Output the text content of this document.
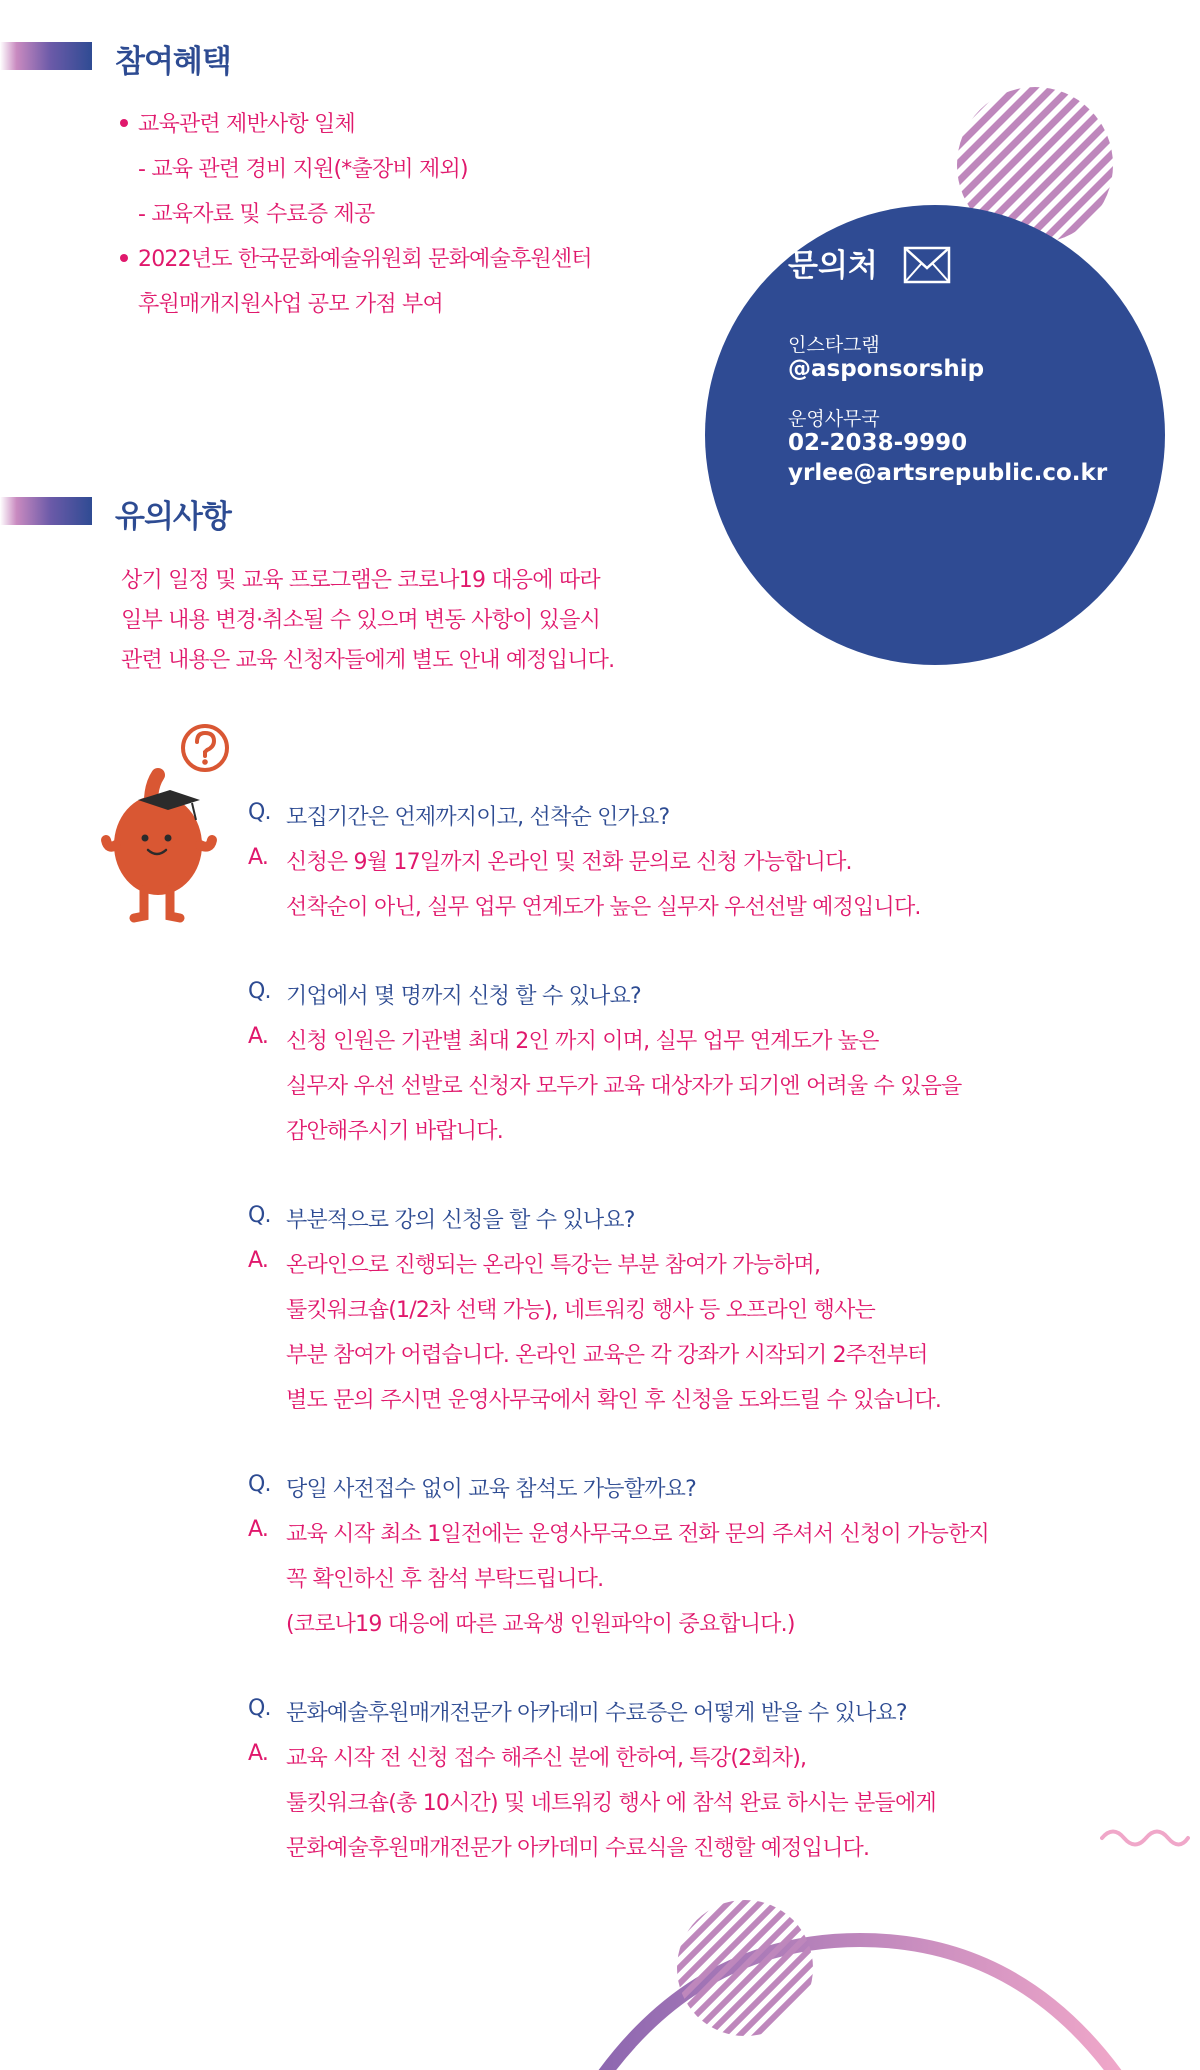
참여혜택
교육관련 제반사항 일체
- 교육 관련 경비 지원(*출장비 제외)
- 교육자료 및 수료증 제공
2022년도 한국문화예술위원회 문화예술후원센터
후원매개지원사업 공모 가점 부여
문의처
인스타그램
@asponsorship
운영사무국
02-2038-9990
yrlee@artsrepublic.co.kr
유의사항
상기 일정 및 교육 프로그램은 코로나19 대응에 따라
일부 내용 변경·취소될 수 있으며 변동 사항이 있을시
관련 내용은 교육 신청자들에게 별도 안내 예정입니다.
Q. 모집기간은 언제까지이고, 선착순 인가요?
A. 신청은 9월 17일까지 온라인 및 전화 문의로 신청 가능합니다.
선착순이 아닌, 실무 업무 연계도가 높은 실무자 우선선발 예정입니다.
Q. 기업에서 몇 명까지 신청 할 수 있나요?
A. 신청 인원은 기관별 최대 2인 까지 이며, 실무 업무 연계도가 높은
실무자 우선 선발로 신청자 모두가 교육 대상자가 되기엔 어려울 수 있음을
감안해주시기 바랍니다.
Q. 부분적으로 강의 신청을 할 수 있나요?
A. 온라인으로 진행되는 온라인 특강는 부분 참여가 가능하며,
툴킷워크숍(1/2차 선택 가능), 네트워킹 행사 등 오프라인 행사는
부분 참여가 어렵습니다. 온라인 교육은 각 강좌가 시작되기 2주전부터
별도 문의 주시면 운영사무국에서 확인 후 신청을 도와드릴 수 있습니다.
Q. 당일 사전접수 없이 교육 참석도 가능할까요?
A. 교육 시작 최소 1일전에는 운영사무국으로 전화 문의 주셔서 신청이 가능한지
꼭 확인하신 후 참석 부탁드립니다.
(코로나19 대응에 따른 교육생 인원파악이 중요합니다.)
Q. 문화예술후원매개전문가 아카데미 수료증은 어떻게 받을 수 있나요?
A. 교육 시작 전 신청 접수 해주신 분에 한하여, 특강(2회차),
툴킷워크숍(총 10시간) 및 네트워킹 행사 에 참석 완료 하시는 분들에게
문화예술후원매개전문가 아카데미 수료식을 진행할 예정입니다.
